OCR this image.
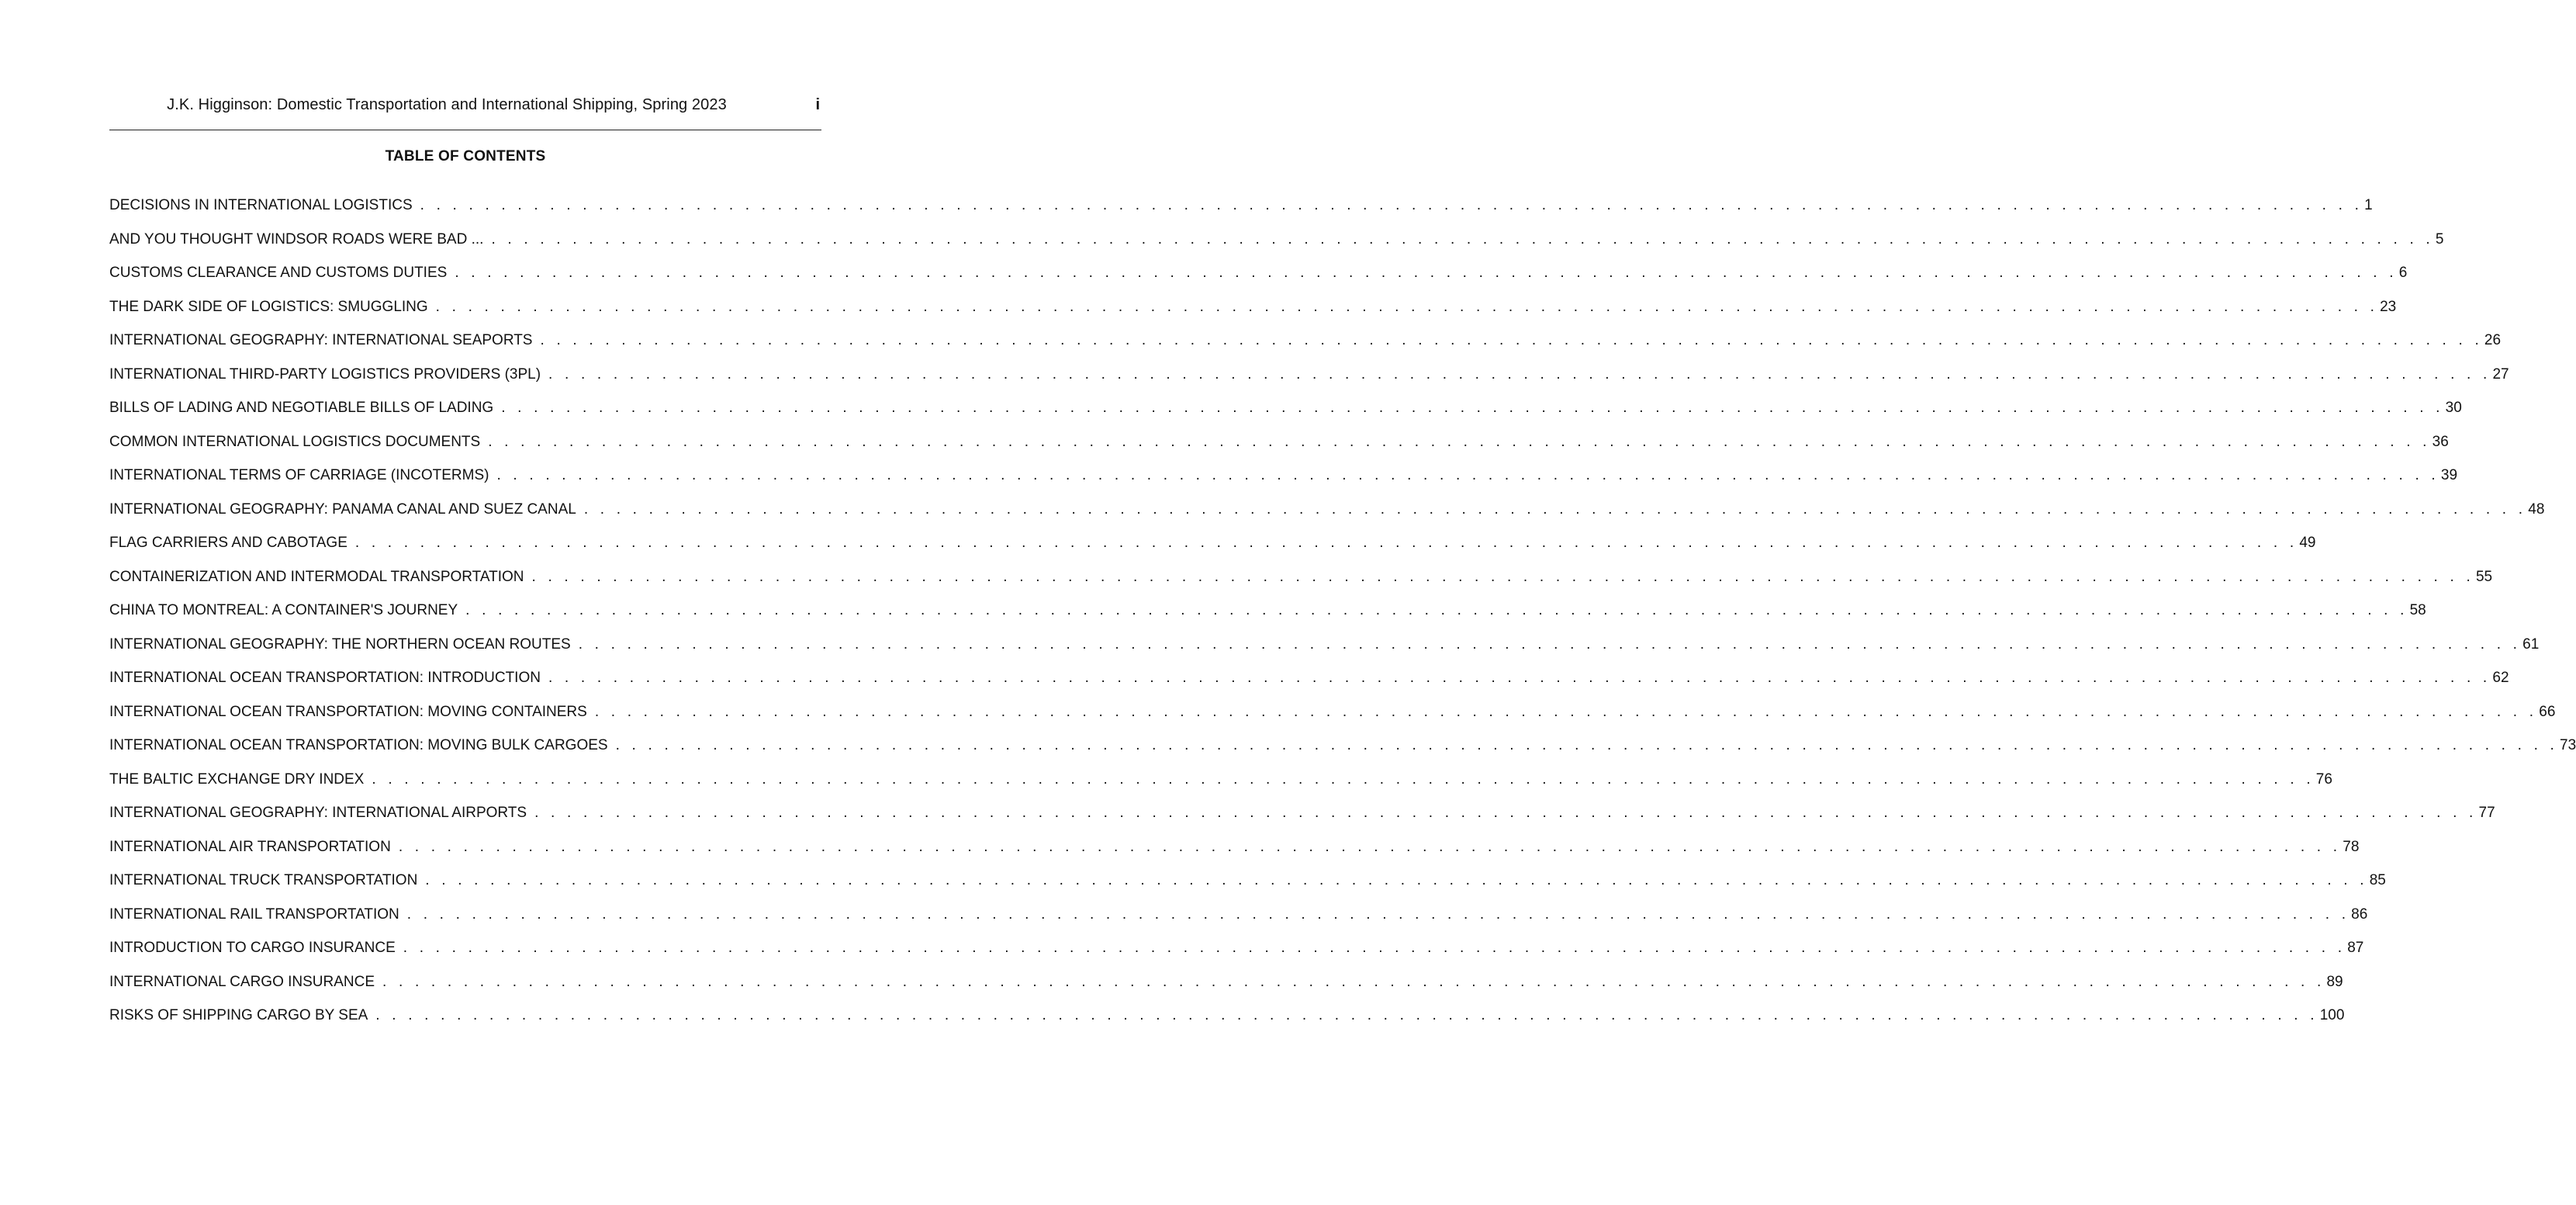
J.K. Higginson: Domestic Transportation and International Shipping, Spring 2023	i
TABLE OF CONTENTS
DECISIONS IN INTERNATIONAL LOGISTICS . . . . . . . . . . . . . . . . . . . . . . . . . . . . . . . . . . . . . . . . . . . . . . . . . . . . . . . . . . . . . . . . . . . . . . . . . . . . . . . . . . . . . . . . . . . . . . . . . . . . . . . . . . . . . . . . . . . . . . . . 1
AND YOU THOUGHT WINDSOR ROADS WERE BAD ... . . . . . . . . . . . . . . . . . . . . . . . . . . . . . . . . . . . . . . . . . . . . . . . . . . . . . . . . . . . . . . . . . . . . . . . . . . . . . . . . . . . . . . . . . . . . . . . . . . . . . . . . . . . . . . . . . . . . . . . . 5
CUSTOMS CLEARANCE AND CUSTOMS DUTIES . . . . . . . . . . . . . . . . . . . . . . . . . . . . . . . . . . . . . . . . . . . . . . . . . . . . . . . . . . . . . . . . . . . . . . . . . . . . . . . . . . . . . . . . . . . . . . . . . . . . . . . . . . . . . . . . . . . . . . . . 6
THE DARK SIDE OF LOGISTICS: SMUGGLING . . . . . . . . . . . . . . . . . . . . . . . . . . . . . . . . . . . . . . . . . . . . . . . . . . . . . . . . . . . . . . . . . . . . . . . . . . . . . . . . . . . . . . . . . . . . . . . . . . . . . . . . . . . . . . . . . . . . . . . . 23
INTERNATIONAL GEOGRAPHY: INTERNATIONAL SEAPORTS . . . . . . . . . . . . . . . . . . . . . . . . . . . . . . . . . . . . . . . . . . . . . . . . . . . . . . . . . . . . . . . . . . . . . . . . . . . . . . . . . . . . . . . . . . . . . . . . . . . . . . . . . . . . . . . . . . . . . . . . 26
INTERNATIONAL THIRD-PARTY LOGISTICS PROVIDERS (3PL) . . . . . . . . . . . . . . . . . . . . . . . . . . . . . . . . . . . . . . . . . . . . . . . . . . . . . . . . . . . . . . . . . . . . . . . . . . . . . . . . . . . . . . . . . . . . . . . . . . . . . . . . . . . . . . . . . . . . . . . . 27
BILLS OF LADING AND NEGOTIABLE BILLS OF LADING . . . . . . . . . . . . . . . . . . . . . . . . . . . . . . . . . . . . . . . . . . . . . . . . . . . . . . . . . . . . . . . . . . . . . . . . . . . . . . . . . . . . . . . . . . . . . . . . . . . . . . . . . . . . . . . . . . . . . . . . 30
COMMON INTERNATIONAL LOGISTICS DOCUMENTS . . . . . . . . . . . . . . . . . . . . . . . . . . . . . . . . . . . . . . . . . . . . . . . . . . . . . . . . . . . . . . . . . . . . . . . . . . . . . . . . . . . . . . . . . . . . . . . . . . . . . . . . . . . . . . . . . . . . . . . . 36
INTERNATIONAL TERMS OF CARRIAGE (INCOTERMS) . . . . . . . . . . . . . . . . . . . . . . . . . . . . . . . . . . . . . . . . . . . . . . . . . . . . . . . . . . . . . . . . . . . . . . . . . . . . . . . . . . . . . . . . . . . . . . . . . . . . . . . . . . . . . . . . . . . . . . . . 39
INTERNATIONAL GEOGRAPHY: PANAMA CANAL AND SUEZ CANAL . . . . . . . . . . . . . . . . . . . . . . . . . . . . . . . . . . . . . . . . . . . . . . . . . . . . . . . . . . . . . . . . . . . . . . . . . . . . . . . . . . . . . . . . . . . . . . . . . . . . . . . . . . . . . . . . . . . . . . . . 48
FLAG CARRIERS AND CABOTAGE . . . . . . . . . . . . . . . . . . . . . . . . . . . . . . . . . . . . . . . . . . . . . . . . . . . . . . . . . . . . . . . . . . . . . . . . . . . . . . . . . . . . . . . . . . . . . . . . . . . . . . . . . . . . . . . . . . . . . . . . 49
CONTAINERIZATION AND INTERMODAL TRANSPORTATION . . . . . . . . . . . . . . . . . . . . . . . . . . . . . . . . . . . . . . . . . . . . . . . . . . . . . . . . . . . . . . . . . . . . . . . . . . . . . . . . . . . . . . . . . . . . . . . . . . . . . . . . . . . . . . . . . . . . . . . . 55
CHINA TO MONTREAL: A CONTAINER'S JOURNEY . . . . . . . . . . . . . . . . . . . . . . . . . . . . . . . . . . . . . . . . . . . . . . . . . . . . . . . . . . . . . . . . . . . . . . . . . . . . . . . . . . . . . . . . . . . . . . . . . . . . . . . . . . . . . . . . . . . . . . . . 58
INTERNATIONAL GEOGRAPHY: THE NORTHERN OCEAN ROUTES . . . . . . . . . . . . . . . . . . . . . . . . . . . . . . . . . . . . . . . . . . . . . . . . . . . . . . . . . . . . . . . . . . . . . . . . . . . . . . . . . . . . . . . . . . . . . . . . . . . . . . . . . . . . . . . . . . . . . . . . 61
INTERNATIONAL OCEAN TRANSPORTATION: INTRODUCTION . . . . . . . . . . . . . . . . . . . . . . . . . . . . . . . . . . . . . . . . . . . . . . . . . . . . . . . . . . . . . . . . . . . . . . . . . . . . . . . . . . . . . . . . . . . . . . . . . . . . . . . . . . . . . . . . . . . . . . . . 62
INTERNATIONAL OCEAN TRANSPORTATION: MOVING CONTAINERS . . . . . . . . . . . . . . . . . . . . . . . . . . . . . . . . . . . . . . . . . . . . . . . . . . . . . . . . . . . . . . . . . . . . . . . . . . . . . . . . . . . . . . . . . . . . . . . . . . . . . . . . . . . . . . . . . . . . . . . . 66
INTERNATIONAL OCEAN TRANSPORTATION: MOVING BULK CARGOES . . . . . . . . . . . . . . . . . . . . . . . . . . . . . . . . . . . . . . . . . . . . . . . . . . . . . . . . . . . . . . . . . . . . . . . . . . . . . . . . . . . . . . . . . . . . . . . . . . . . . . . . . . . . . . . . . . . . . . . . 73
THE BALTIC EXCHANGE DRY INDEX . . . . . . . . . . . . . . . . . . . . . . . . . . . . . . . . . . . . . . . . . . . . . . . . . . . . . . . . . . . . . . . . . . . . . . . . . . . . . . . . . . . . . . . . . . . . . . . . . . . . . . . . . . . . . . . . . . . . . . . . 76
INTERNATIONAL GEOGRAPHY: INTERNATIONAL AIRPORTS . . . . . . . . . . . . . . . . . . . . . . . . . . . . . . . . . . . . . . . . . . . . . . . . . . . . . . . . . . . . . . . . . . . . . . . . . . . . . . . . . . . . . . . . . . . . . . . . . . . . . . . . . . . . . . . . . . . . . . . . 77
INTERNATIONAL AIR TRANSPORTATION . . . . . . . . . . . . . . . . . . . . . . . . . . . . . . . . . . . . . . . . . . . . . . . . . . . . . . . . . . . . . . . . . . . . . . . . . . . . . . . . . . . . . . . . . . . . . . . . . . . . . . . . . . . . . . . . . . . . . . . . 78
INTERNATIONAL TRUCK TRANSPORTATION . . . . . . . . . . . . . . . . . . . . . . . . . . . . . . . . . . . . . . . . . . . . . . . . . . . . . . . . . . . . . . . . . . . . . . . . . . . . . . . . . . . . . . . . . . . . . . . . . . . . . . . . . . . . . . . . . . . . . . . . 85
INTERNATIONAL RAIL TRANSPORTATION . . . . . . . . . . . . . . . . . . . . . . . . . . . . . . . . . . . . . . . . . . . . . . . . . . . . . . . . . . . . . . . . . . . . . . . . . . . . . . . . . . . . . . . . . . . . . . . . . . . . . . . . . . . . . . . . . . . . . . . . 86
INTRODUCTION TO CARGO INSURANCE . . . . . . . . . . . . . . . . . . . . . . . . . . . . . . . . . . . . . . . . . . . . . . . . . . . . . . . . . . . . . . . . . . . . . . . . . . . . . . . . . . . . . . . . . . . . . . . . . . . . . . . . . . . . . . . . . . . . . . . . 87
INTERNATIONAL CARGO INSURANCE . . . . . . . . . . . . . . . . . . . . . . . . . . . . . . . . . . . . . . . . . . . . . . . . . . . . . . . . . . . . . . . . . . . . . . . . . . . . . . . . . . . . . . . . . . . . . . . . . . . . . . . . . . . . . . . . . . . . . . . . 89
RISKS OF SHIPPING CARGO BY SEA . . . . . . . . . . . . . . . . . . . . . . . . . . . . . . . . . . . . . . . . . . . . . . . . . . . . . . . . . . . . . . . . . . . . . . . . . . . . . . . . . . . . . . . . . . . . . . . . . . . . . . . . . . . . . . . . . . . . . . . . 100
